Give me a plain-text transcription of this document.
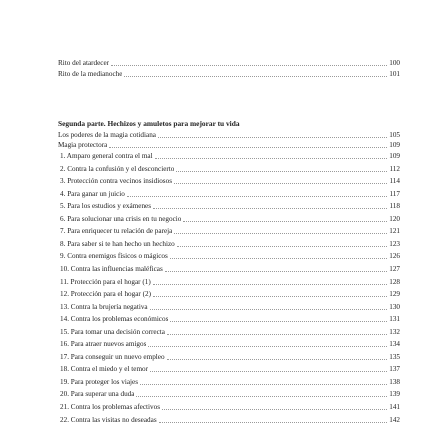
Rito del atardecer	100
Rito de la medianoche	101
Segunda parte. Hechizos y amuletos para mejorar tu vida
Los poderes de la magia cotidiana	105
Magia protectora	109
1. Amparo general contra el mal	109
2. Contra la confusión y el desconcierto	112
3. Protección contra vecinos insidiosos	114
4. Para ganar un juicio	117
5. Para los estudios y exámenes	118
6. Para solucionar una crisis en tu negocio	120
7. Para enriquecer tu relación de pareja	121
8. Para saber si te han hecho un hechizo	123
9. Contra enemigos físicos o mágicos	126
10. Contra las influencias maléficas	127
11. Protección para el hogar (1)	128
12. Protección para el hogar (2)	129
13. Contra la brujería negativa	130
14. Contra los problemas económicos	131
15. Para tomar una decisión correcta	132
16. Para atraer nuevos amigos	134
17. Para conseguir un nuevo empleo	135
18. Contra el miedo y el temor	137
19. Para proteger los viajes	138
20. Para superar una duda	139
21. Contra los problemas afectivos	141
22. Contra las visitas no deseadas	142
